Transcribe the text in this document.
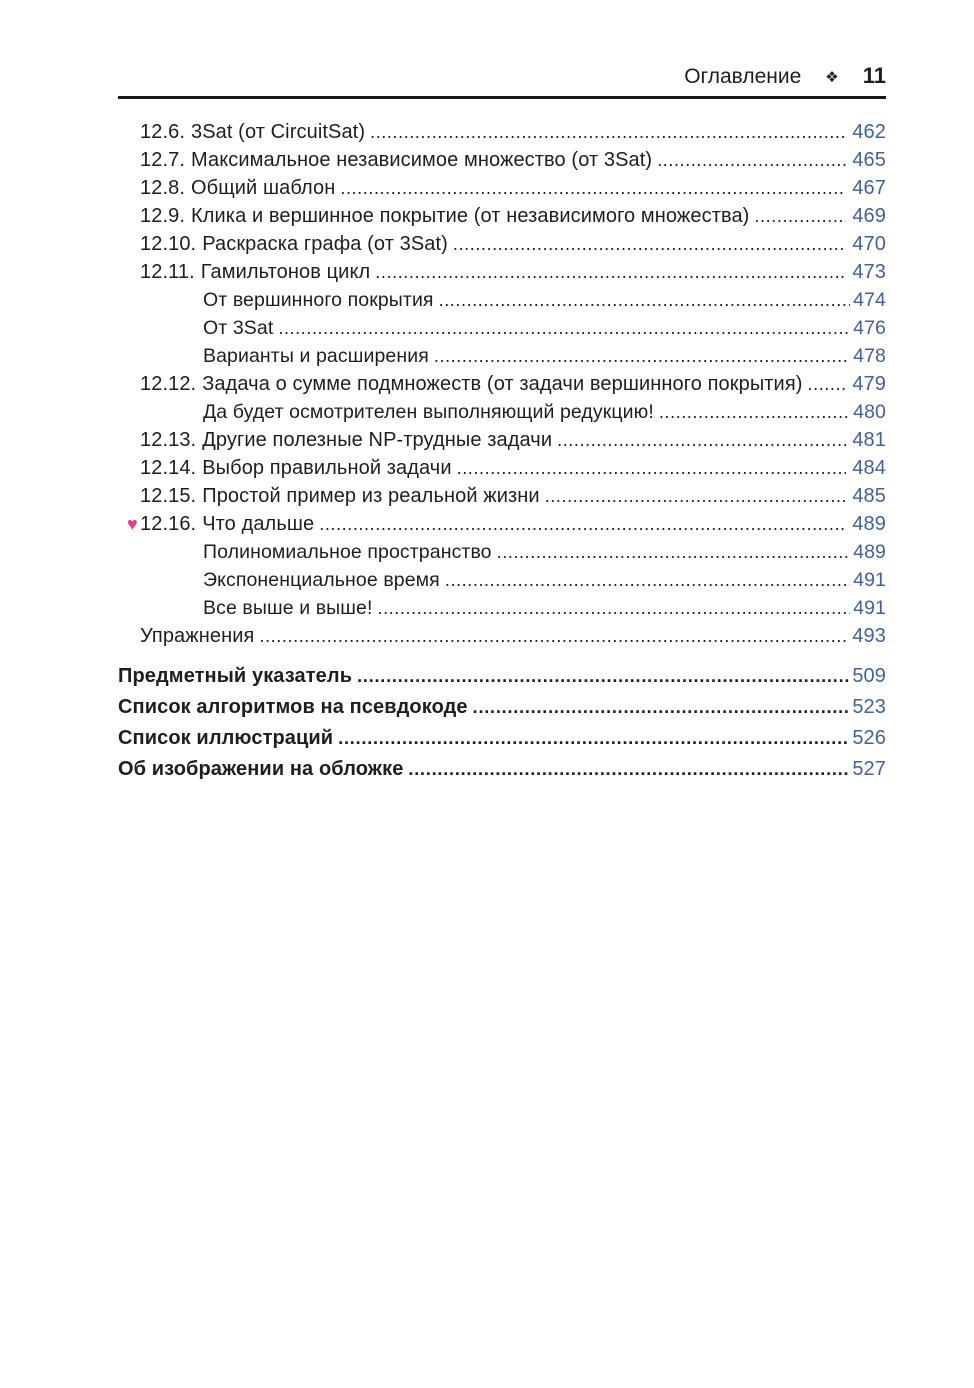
Оглавление ❖ 11
12.6. 3Sat (от CircuitSat) .....	462
12.7. Максимальное независимое множество (от 3Sat) .....	465
12.8. Общий шаблон .....	467
12.9. Клика и вершинное покрытие (от независимого множества) .....	469
12.10. Раскраска графа (от 3Sat) .....	470
12.11. Гамильтонов цикл .....	473
От вершинного покрытия .....	474
От 3Sat .....	476
Варианты и расширения .....	478
12.12. Задача о сумме подмножеств (от задачи вершинного покрытия) ..... 479
Да будет осмотрителен выполняющий редукцию! .....	480
12.13. Другие полезные NP-трудные задачи .....	481
12.14. Выбор правильной задачи .....	484
12.15. Простой пример из реальной жизни .....	485
♥ 12.16. Что дальше .....	489
Полиномиальное пространство .....	489
Экспоненциальное время .....	491
Все выше и выше! .....	491
Упражнения .....	493
Предметный указатель .....	509
Список алгоритмов на псевдокоде .....	523
Список иллюстраций .....	526
Об изображении на обложке .....	527
